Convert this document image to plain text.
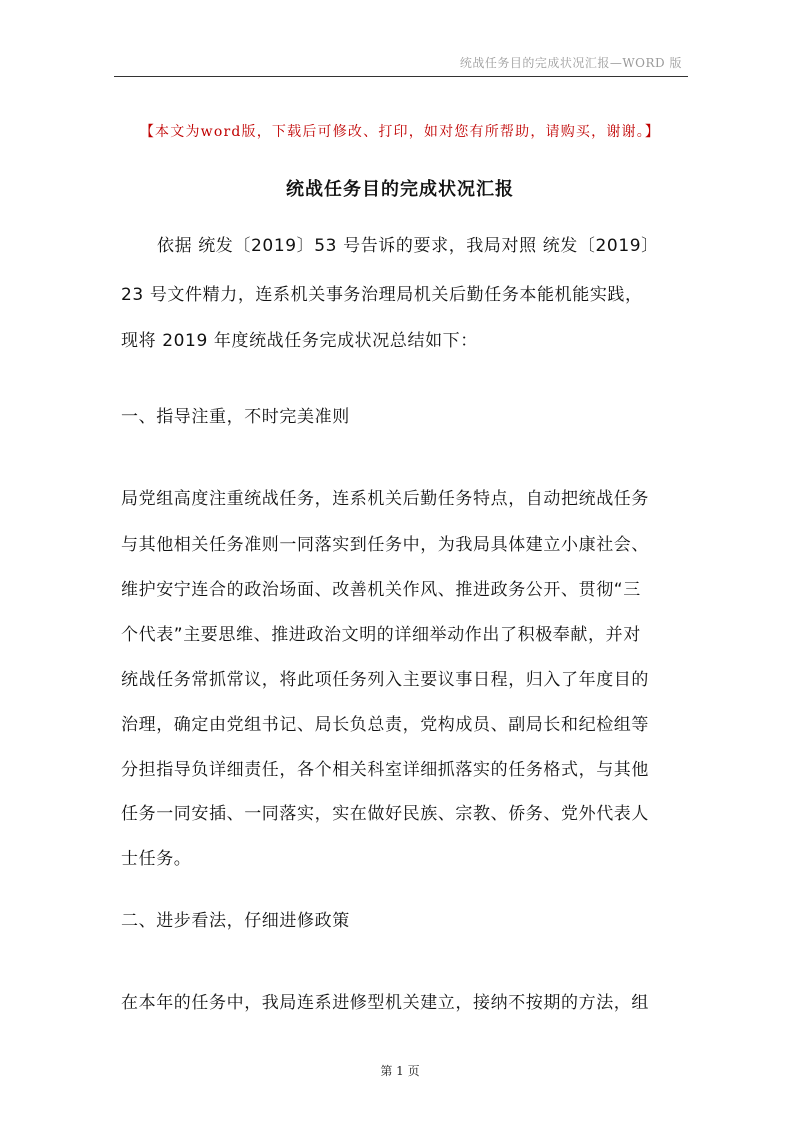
统战任务目的完成状况汇报—WORD 版
【本文为word版，下载后可修改、打印，如对您有所帮助，请购买，谢谢。】
统战任务目的完成状况汇报
依据 统发〔2019〕53 号告诉的要求，我局对照 统发〔2019〕
23 号文件精力，连系机关事务治理局机关后勤任务本能机能实践，
现将 2019 年度统战任务完成状况总结如下：
一、指导注重，不时完美准则
局党组高度注重统战任务，连系机关后勤任务特点，自动把统战任务
与其他相关任务准则一同落实到任务中，为我局具体建立小康社会、
维护安宁连合的政治场面、改善机关作风、推进政务公开、贯彻“三
个代表”主要思维、推进政治文明的详细举动作出了积极奉献，并对
统战任务常抓常议，将此项任务列入主要议事日程，归入了年度目的
治理，确定由党组书记、局长负总责，党构成员、副局长和纪检组等
分担指导负详细责任，各个相关科室详细抓落实的任务格式，与其他
任务一同安插、一同落实，实在做好民族、宗教、侨务、党外代表人
士任务。
二、进步看法，仔细进修政策
在本年的任务中，我局连系进修型机关建立，接纳不按期的方法，组
第 1 页
